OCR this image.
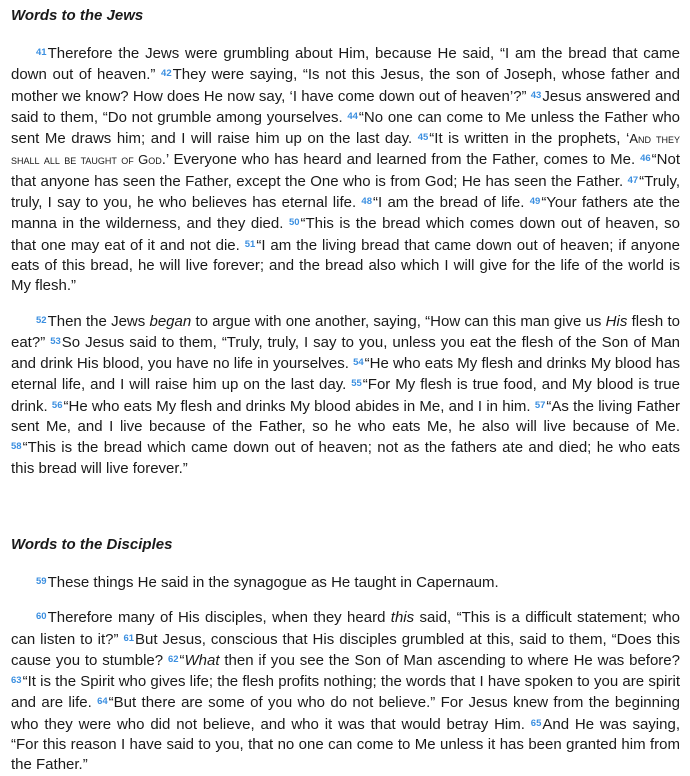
Words to the Jews

$^{41}$Therefore the Jews were grumbling about Him, because He said, “I am the bread that came down out of heaven.” $^{42}$They were saying, “Is not this Jesus, the son of Joseph, whose father and mother we know? How does He now say, ‘I have come down out of heaven’?” $^{43}$Jesus answered and said to them, “Do not grumble among yourselves. $^{44}$“No one can come to Me unless the Father who sent Me draws him; and I will raise him up on the last day. $^{45}$“It is written in the prophets, ‘And they shall all be taught of God.’ Everyone who has heard and learned from the Father, comes to Me. $^{46}$“Not that anyone has seen the Father, except the One who is from God; He has seen the Father. $^{47}$“Truly, truly, I say to you, he who believes has eternal life. $^{48}$“I am the bread of life. $^{49}$“Your fathers ate the manna in the wilderness, and they died. $^{50}$“This is the bread which comes down out of heaven, so that one may eat of it and not die. $^{51}$“I am the living bread that came down out of heaven; if anyone eats of this bread, he will live forever; and the bread also which I will give for the life of the world is My flesh.”

$^{52}$Then the Jews began to argue with one another, saying, “How can this man give us His flesh to eat?” $^{53}$So Jesus said to them, “Truly, truly, I say to you, unless you eat the flesh of the Son of Man and drink His blood, you have no life in yourselves. $^{54}$“He who eats My flesh and drinks My blood has eternal life, and I will raise him up on the last day. $^{55}$“For My flesh is true food, and My blood is true drink. $^{56}$“He who eats My flesh and drinks My blood abides in Me, and I in him. $^{57}$“As the living Father sent Me, and I live because of the Father, so he who eats Me, he also will live because of Me. $^{58}$“This is the bread which came down out of heaven; not as the fathers ate and died; he who eats this bread will live forever.”

Words to the Disciples

$^{59}$These things He said in the synagogue as He taught in Capernaum.

$^{60}$Therefore many of His disciples, when they heard this said, “This is a difficult statement; who can listen to it?” $^{61}$But Jesus, conscious that His disciples grumbled at this, said to them, “Does this cause you to stumble? $^{62}$“What then if you see the Son of Man ascending to where He was before? $^{63}$“It is the Spirit who gives life; the flesh profits nothing; the words that I have spoken to you are spirit and are life. $^{64}$“But there are some of you who do not believe.” For Jesus knew from the beginning who they were who did not believe, and who it was that would betray Him. $^{65}$And He was saying, “For this reason I have said to you, that no one can come to Me unless it has been granted him from the Father.”
